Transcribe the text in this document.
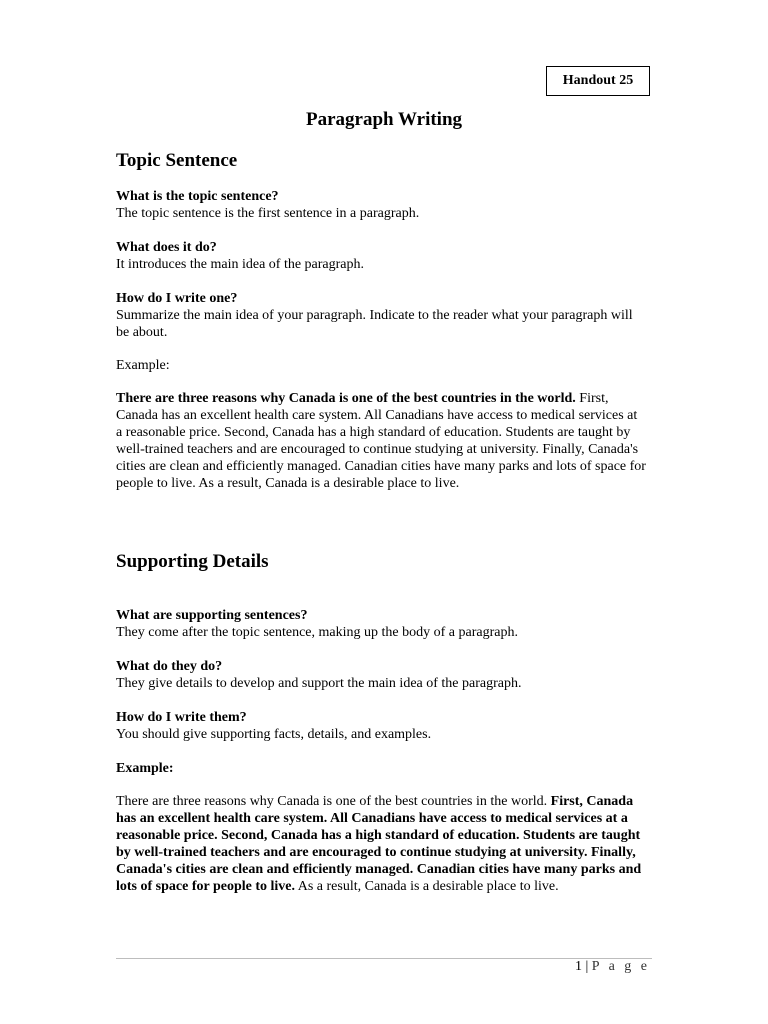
Handout 25
Paragraph Writing
Topic Sentence
What is the topic sentence?
The topic sentence is the first sentence in a paragraph.
What does it do?
It introduces the main idea of the paragraph.
How do I write one?
Summarize the main idea of your paragraph. Indicate to the reader what your paragraph will be about.
Example:
There are three reasons why Canada is one of the best countries in the world. First, Canada has an excellent health care system. All Canadians have access to medical services at a reasonable price. Second, Canada has a high standard of education. Students are taught by well-trained teachers and are encouraged to continue studying at university. Finally, Canada's cities are clean and efficiently managed. Canadian cities have many parks and lots of space for people to live. As a result, Canada is a desirable place to live.
Supporting Details
What are supporting sentences?
They come after the topic sentence, making up the body of a paragraph.
What do they do?
They give details to develop and support the main idea of the paragraph.
How do I write them?
You should give supporting facts, details, and examples.
Example:
There are three reasons why Canada is one of the best countries in the world. First, Canada has an excellent health care system. All Canadians have access to medical services at a reasonable price. Second, Canada has a high standard of education. Students are taught by well-trained teachers and are encouraged to continue studying at university. Finally, Canada's cities are clean and efficiently managed. Canadian cities have many parks and lots of space for people to live. As a result, Canada is a desirable place to live.
1 | P a g e
